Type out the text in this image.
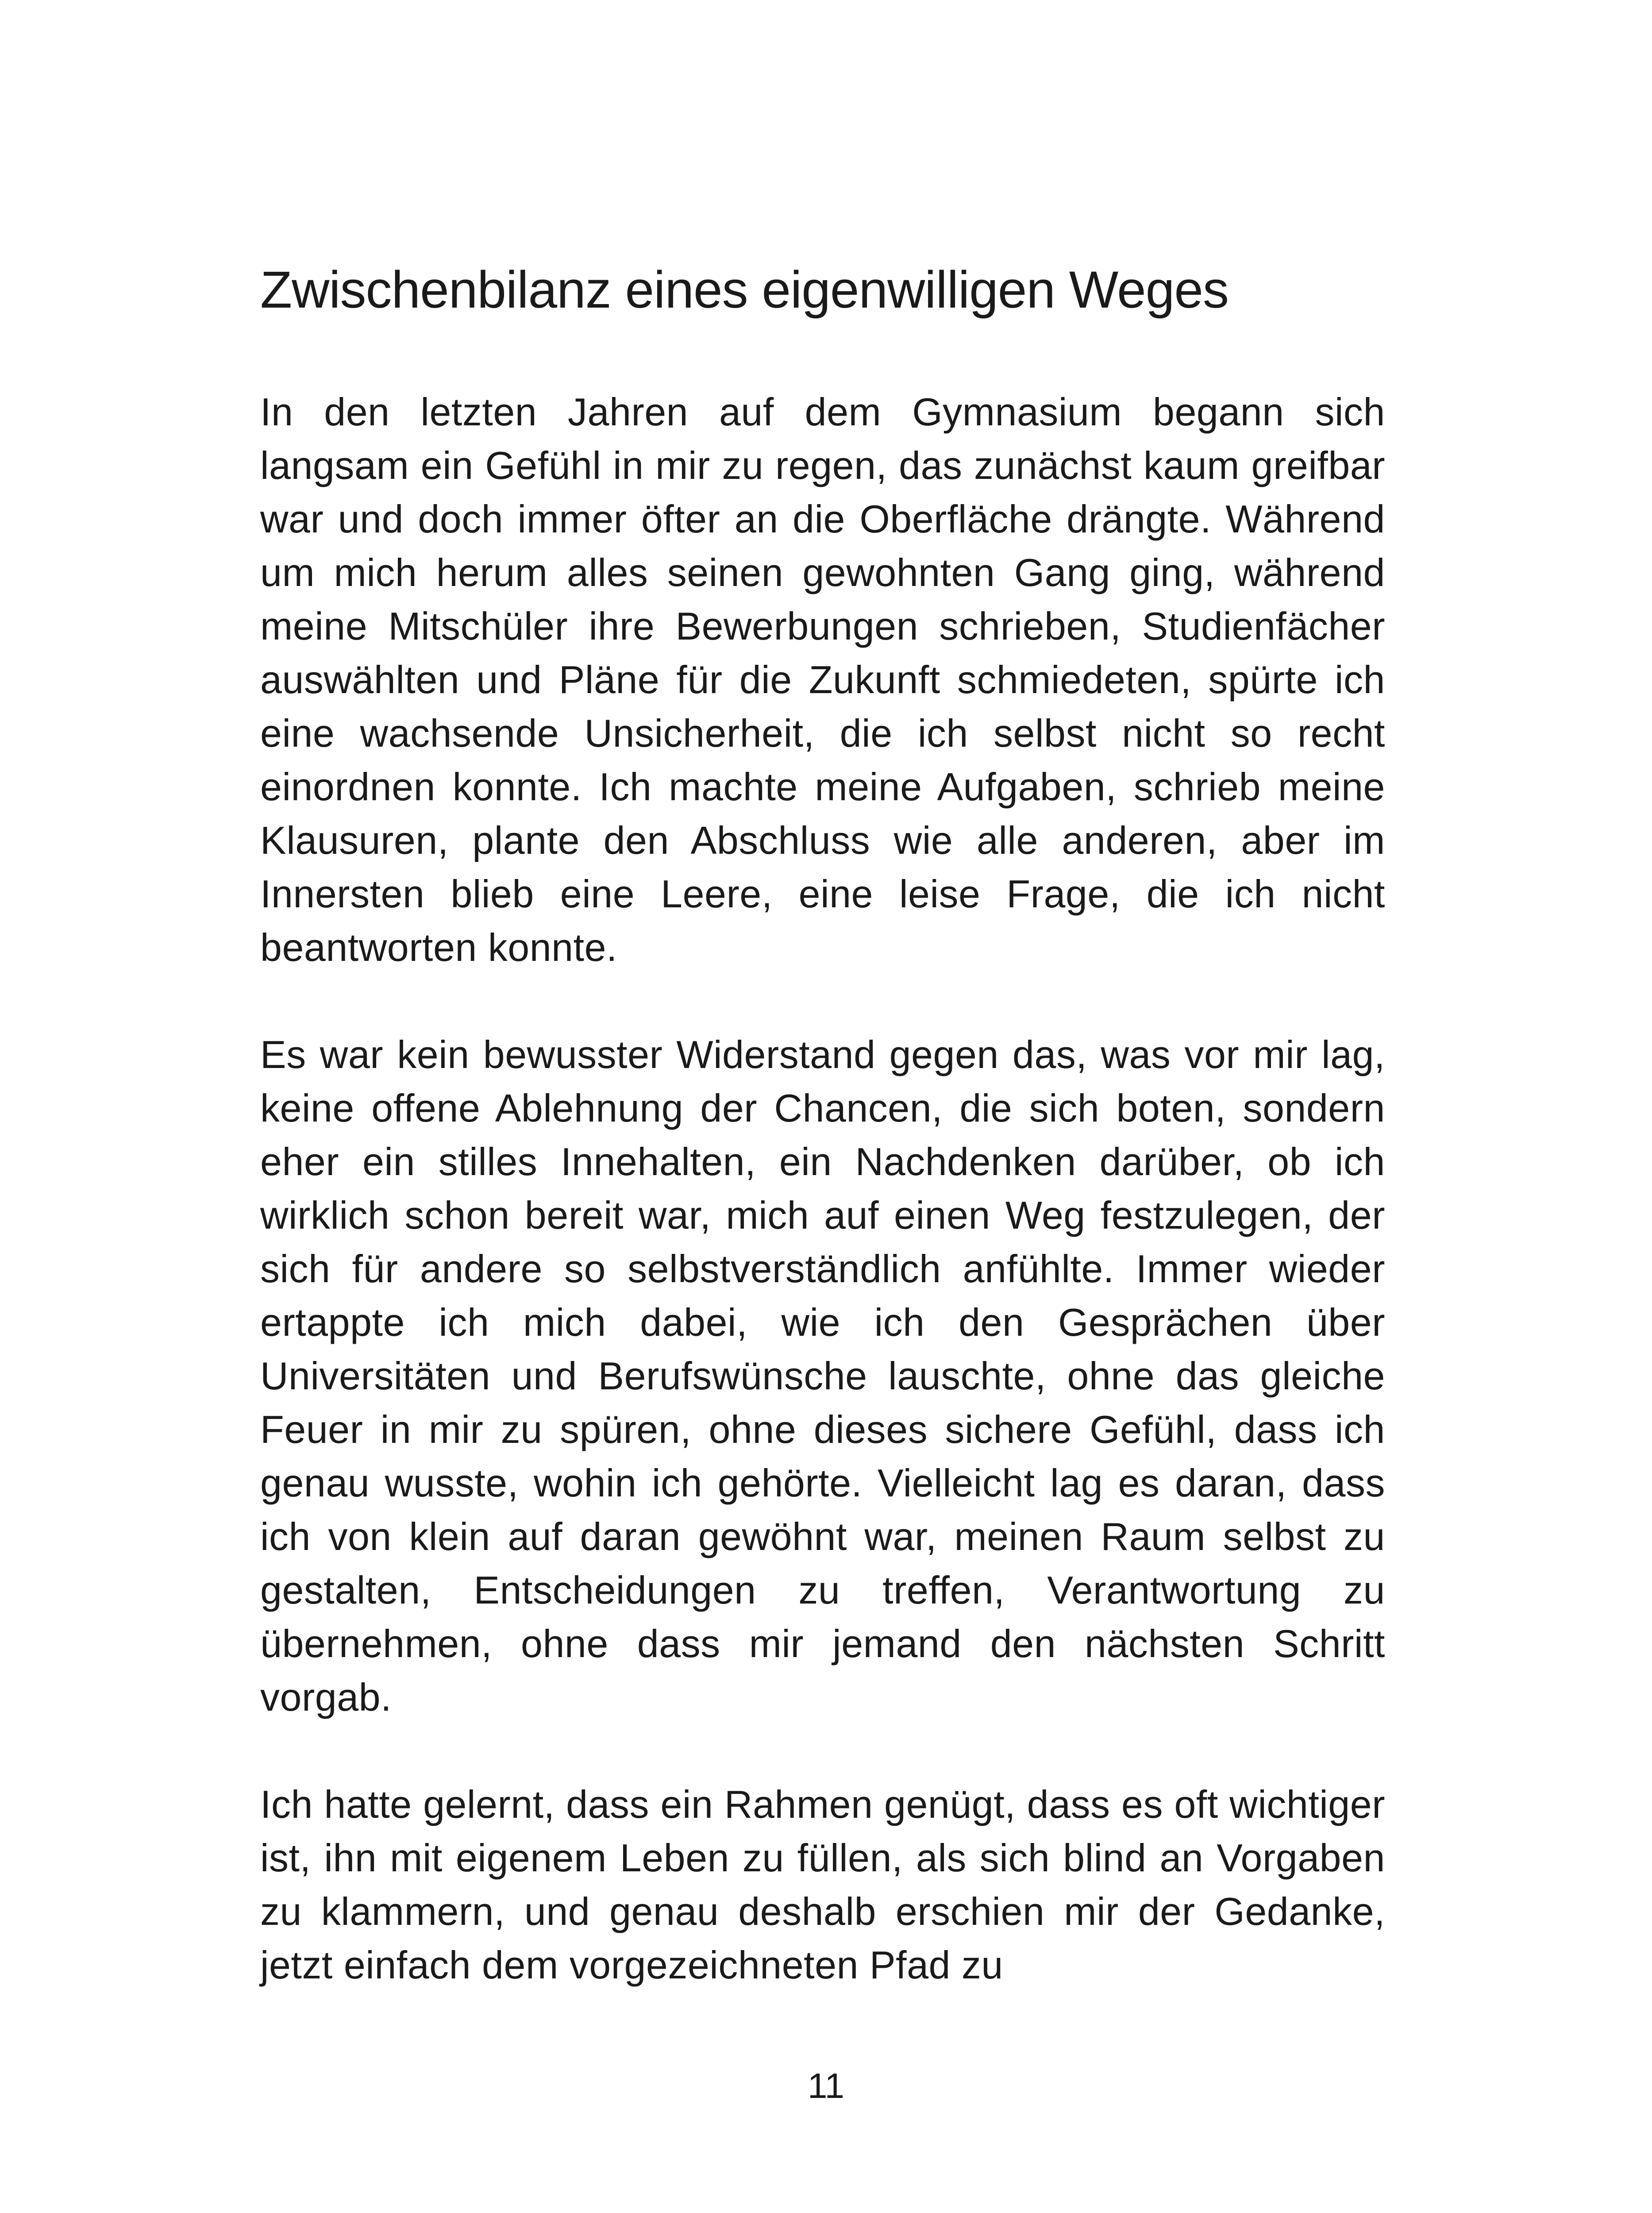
Zwischenbilanz eines eigenwilligen Weges

In den letzten Jahren auf dem Gymnasium begann sich langsam ein Gefühl in mir zu regen, das zunächst kaum greifbar war und doch immer öfter an die Oberfläche drängte. Während um mich herum alles seinen gewohnten Gang ging, während meine Mitschüler ihre Bewerbungen schrieben, Studienfächer auswählten und Pläne für die Zukunft schmiedeten, spürte ich eine wachsende Unsicherheit, die ich selbst nicht so recht einordnen konnte. Ich machte meine Aufgaben, schrieb meine Klausuren, plante den Abschluss wie alle anderen, aber im Innersten blieb eine Leere, eine leise Frage, die ich nicht beantworten konnte.

Es war kein bewusster Widerstand gegen das, was vor mir lag, keine offene Ablehnung der Chancen, die sich boten, sondern eher ein stilles Innehalten, ein Nachdenken darüber, ob ich wirklich schon bereit war, mich auf einen Weg festzulegen, der sich für andere so selbstverständlich anfühlte. Immer wieder ertappte ich mich dabei, wie ich den Gesprächen über Universitäten und Berufswünsche lauschte, ohne das gleiche Feuer in mir zu spüren, ohne dieses sichere Gefühl, dass ich genau wusste, wohin ich gehörte. Vielleicht lag es daran, dass ich von klein auf daran gewöhnt war, meinen Raum selbst zu gestalten, Entscheidungen zu treffen, Verantwortung zu übernehmen, ohne dass mir jemand den nächsten Schritt vorgab.

Ich hatte gelernt, dass ein Rahmen genügt, dass es oft wichtiger ist, ihn mit eigenem Leben zu füllen, als sich blind an Vorgaben zu klammern, und genau deshalb erschien mir der Gedanke, jetzt einfach dem vorgezeichneten Pfad zu

11
